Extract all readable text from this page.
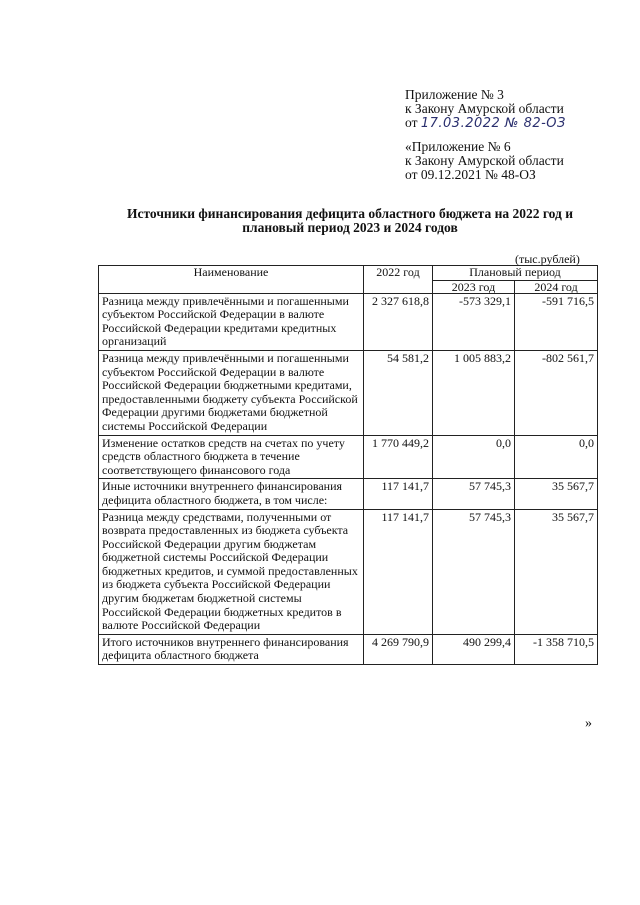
Приложение № 3
к Закону Амурской области
от 17.03.2022 № 82-ОЗ
«Приложение № 6
к Закону Амурской области
от 09.12.2021 № 48-ОЗ
Источники финансирования дефицита областного бюджета на 2022 год и
плановый период 2023 и 2024 годов
(тыс.рублей)
Наименование	2022 год	Плановый период	
		2023 год	2024 год
Разница между привлечёнными и погашенными субъектом Российской Федерации в валюте Российской Федерации кредитами кредитных организаций	2 327 618,8	-573 329,1	-591 716,5
Разница между привлечёнными и погашенными субъектом Российской Федерации в валюте Российской Федерации бюджетными кредитами, предоставленными бюджету субъекта Российской Федерации другими бюджетами бюджетной системы Российской Федерации	54 581,2	1 005 883,2	-802 561,7
Изменение остатков средств на счетах по учету средств областного бюджета в течение соответствующего финансового года	1 770 449,2	0,0	0,0
Иные источники внутреннего финансирования дефицита областного бюджета, в том числе:	117 141,7	57 745,3	35 567,7
Разница между средствами, полученными от возврата предоставленных из бюджета субъекта Российской Федерации другим бюджетам бюджетной системы Российской Федерации бюджетных кредитов, и суммой предоставленных из бюджета субъекта Российской Федерации другим бюджетам бюджетной системы Российской Федерации бюджетных кредитов в валюте Российской Федерации	117 141,7	57 745,3	35 567,7
Итого источников внутреннего финансирования дефицита областного бюджета	4 269 790,9	490 299,4	-1 358 710,5
»
